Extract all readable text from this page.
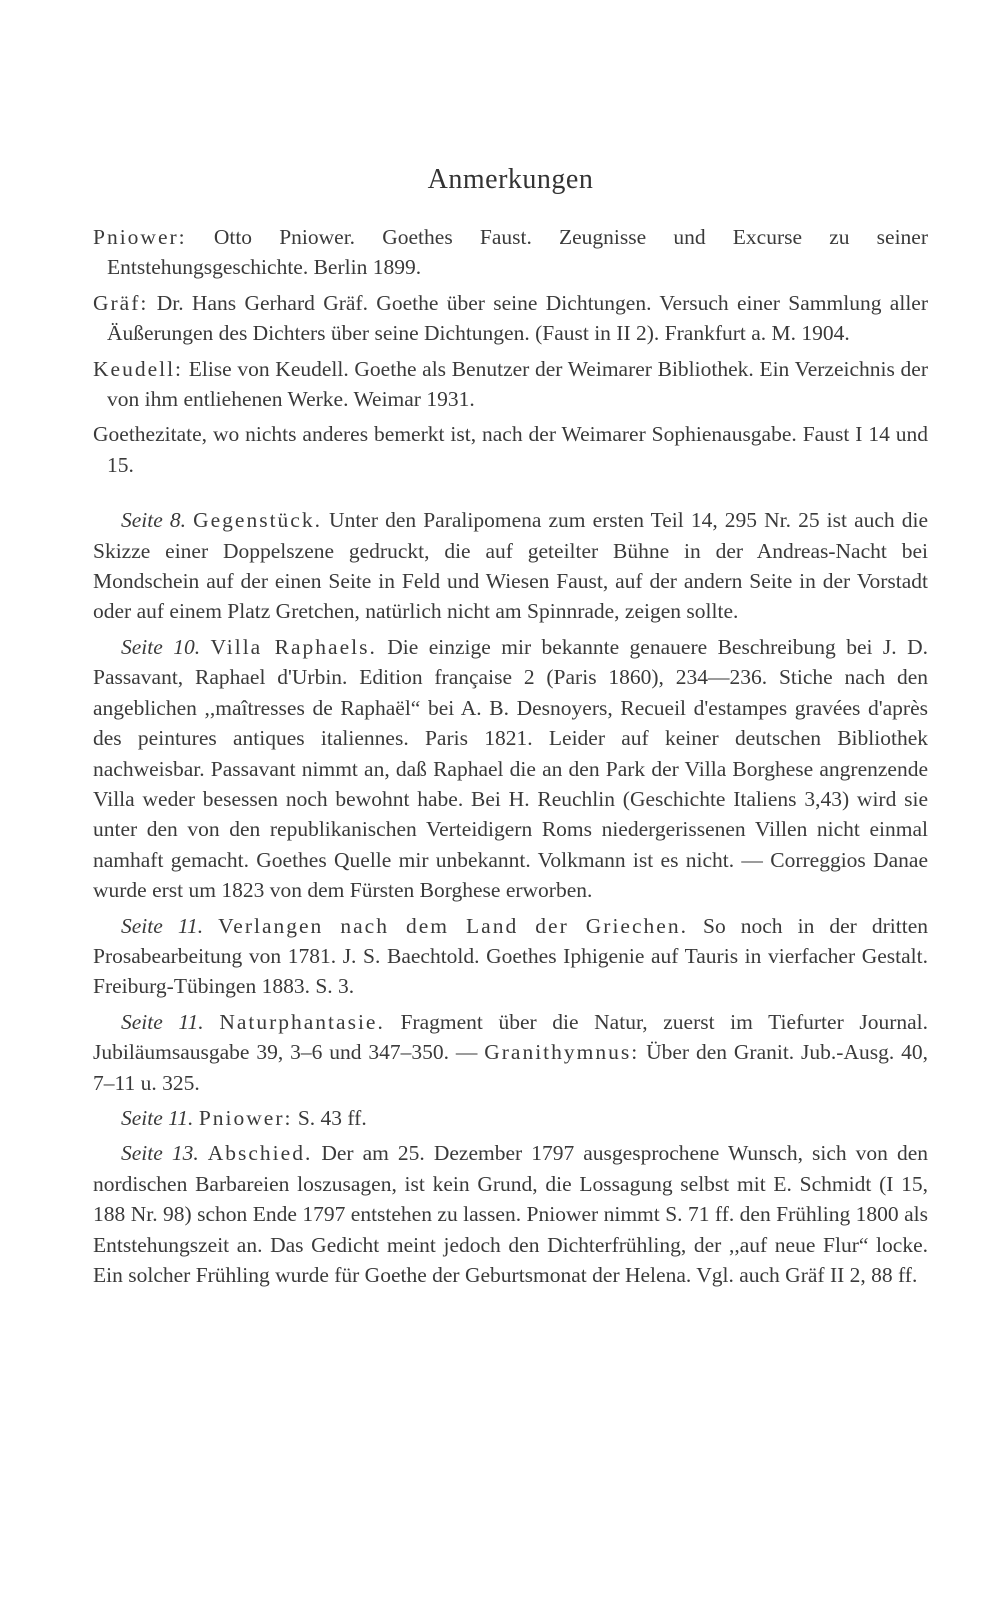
Anmerkungen

Pniower: Otto Pniower. Goethes Faust. Zeugnisse und Excurse zu seiner Entstehungsgeschichte. Berlin 1899.

Gräf: Dr. Hans Gerhard Gräf. Goethe über seine Dichtungen. Versuch einer Sammlung aller Äußerungen des Dichters über seine Dichtungen. (Faust in II 2). Frankfurt a. M. 1904.

Keudell: Elise von Keudell. Goethe als Benutzer der Weimarer Bibliothek. Ein Verzeichnis der von ihm entliehenen Werke. Weimar 1931.

Goethezitate, wo nichts anderes bemerkt ist, nach der Weimarer Sophienausgabe. Faust I 14 und 15.

Seite 8. Gegenstück. Unter den Paralipomena zum ersten Teil 14, 295 Nr. 25 ist auch die Skizze einer Doppelszene gedruckt, die auf geteilter Bühne in der Andreas-Nacht bei Mondschein auf der einen Seite in Feld und Wiesen Faust, auf der andern Seite in der Vorstadt oder auf einem Platz Gretchen, natürlich nicht am Spinnrade, zeigen sollte.

Seite 10. Villa Raphaels. Die einzige mir bekannte genauere Beschreibung bei J. D. Passavant, Raphael d'Urbin. Edition française 2 (Paris 1860), 234—236. Stiche nach den angeblichen ,,maîtresses de Raphaël“ bei A. B. Desnoyers, Recueil d'estampes gravées d'après des peintures antiques italiennes. Paris 1821. Leider auf keiner deutschen Bibliothek nachweisbar. Passavant nimmt an, daß Raphael die an den Park der Villa Borghese angrenzende Villa weder besessen noch bewohnt habe. Bei H. Reuchlin (Geschichte Italiens 3,43) wird sie unter den von den republikanischen Verteidigern Roms niedergerissenen Villen nicht einmal namhaft gemacht. Goethes Quelle mir unbekannt. Volkmann ist es nicht. — Correggios Danae wurde erst um 1823 von dem Fürsten Borghese erworben.

Seite 11. Verlangen nach dem Land der Griechen. So noch in der dritten Prosabearbeitung von 1781. J. S. Baechtold. Goethes Iphigenie auf Tauris in vierfacher Gestalt. Freiburg-Tübingen 1883. S. 3.

Seite 11. Naturphantasie. Fragment über die Natur, zuerst im Tiefurter Journal. Jubiläumsausgabe 39, 3–6 und 347–350. — Granithymnus: Über den Granit. Jub.-Ausg. 40, 7–11 u. 325.

Seite 11. Pniower: S. 43 ff.

Seite 13. Abschied. Der am 25. Dezember 1797 ausgesprochene Wunsch, sich von den nordischen Barbareien loszusagen, ist kein Grund, die Lossagung selbst mit E. Schmidt (I 15, 188 Nr. 98) schon Ende 1797 entstehen zu lassen. Pniower nimmt S. 71 ff. den Frühling 1800 als Entstehungszeit an. Das Gedicht meint jedoch den Dichterfrühling, der ,,auf neue Flur“ locke. Ein solcher Frühling wurde für Goethe der Geburtsmonat der Helena. Vgl. auch Gräf II 2, 88 ff.
